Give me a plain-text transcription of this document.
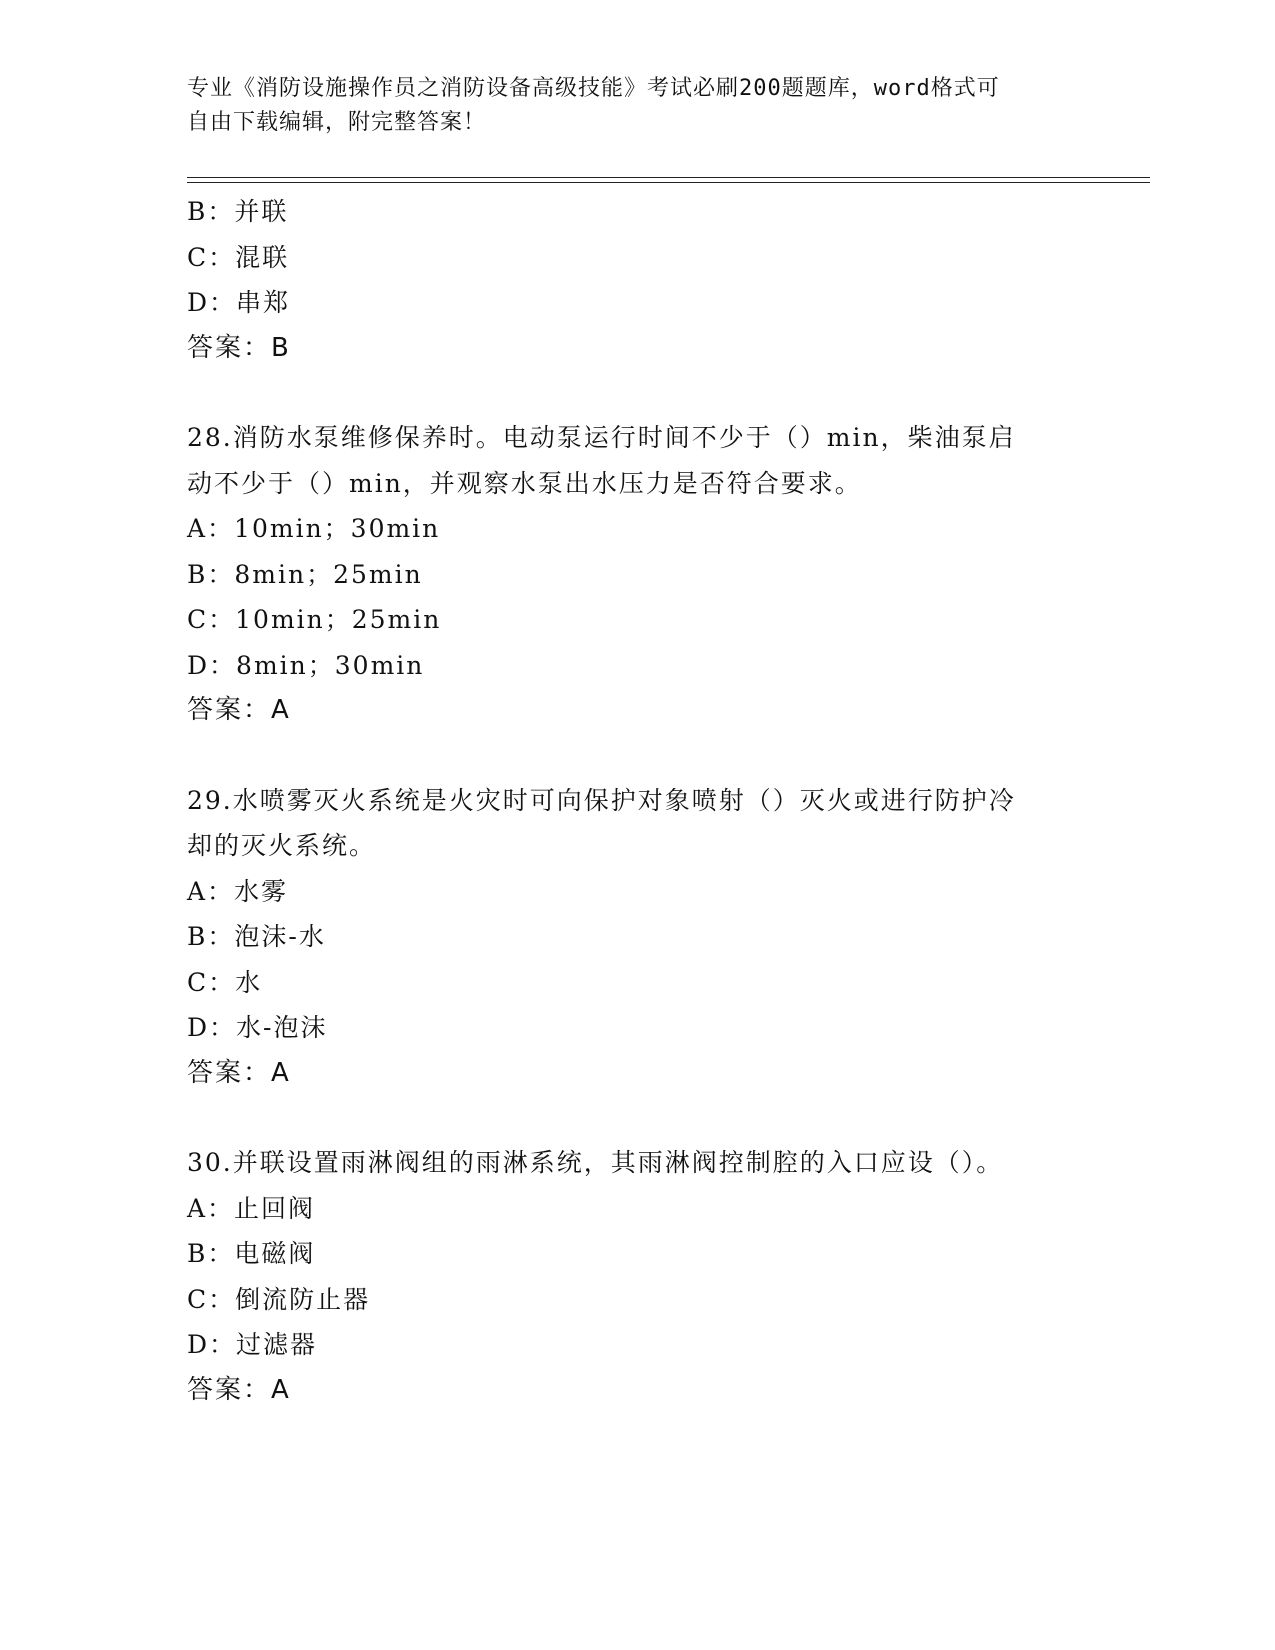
专业《消防设施操作员之消防设备高级技能》考试必刷200题题库，word格式可
自由下载编辑，附完整答案！
B：并联
C：混联
D：串郑
答案：B
28.消防水泵维修保养时。电动泵运行时间不少于（）min，柴油泵启
动不少于（）min，并观察水泵出水压力是否符合要求。
A：10min；30min
B：8min；25min
C：10min；25min
D：8min；30min
答案：A
29.水喷雾灭火系统是火灾时可向保护对象喷射（）灭火或进行防护冷
却的灭火系统。
A：水雾
B：泡沫-水
C：水
D：水-泡沫
答案：A
30.并联设置雨淋阀组的雨淋系统，其雨淋阀控制腔的入口应设（）。
A：止回阀
B：电磁阀
C：倒流防止器
D：过滤器
答案：A
